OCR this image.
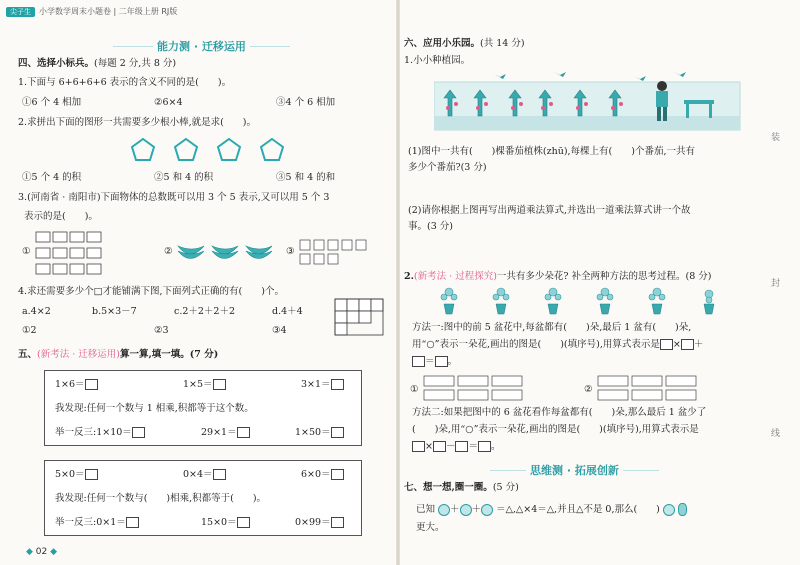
尖子生	小学数学周末小题卷 | 二年级上册 RJ版
能力测 · 迁移运用
四、选择小标兵。(每题 2 分,共 8 分)
1.下面与 6+6+6+6 表示的含义不同的是(　　)。
①6 个 4 相加	②6×4	③4 个 6 相加
2.求拼出下面的图形一共需要多少根小棒,就是求(　　)。
①5 个 4 的积	②5 和 4 的积	③5 和 4 的和
3.(河南省 · 南阳市)下面物体的总数既可以用 3 个 5 表示,又可以用 5 个 3
表示的是(　　)。
①	②	③
4.求还需要多少个□才能铺满下图,下面列式正确的有(　　)个。
a.4×2	b.5×3－7	c.2＋2＋2＋2	d.4＋4
①2	②3	③4
五、(新考法 · 迁移运用)算一算,填一填。(7 分)
1×6＝	1×5＝	3×1＝
我发现:任何一个数与 1 相乘,积都等于这个数。
举一反三:1×10＝	29×1＝	1×50＝
5×0＝	0×4＝	6×0＝
我发现:任何一个数与(　　)相乘,积都等于(　　)。
举一反三:0×1＝	15×0＝	0×99＝
六、应用小乐园。(共 14 分)
1.小小种植园。
(1)图中一共有(　　)棵番茄植株(zhū),每棵上有(　　)个番茄,一共有
多少个番茄?(3 分)
(2)请你根据上图再写出两道乘法算式,并选出一道乘法算式讲一个故
事。(3 分)
2.(新考法 · 过程探究)一共有多少朵花? 补全两种方法的思考过程。(8 分)
方法一:图中的前 5 盆花中,每盆都有(　　)朵,最后 1 盆有(　　)朵,
用“○”表示一朵花,画出的图是(　　)(填序号),用算式表示是 × ＋
＝ 。
①	②
方法二:如果把图中的 6 盆花看作每盆都有(　　)朵,那么最后 1 盆少了
(　　)朵,用“○”表示一朵花,画出的图是(　　)(填序号),用算式表示是
× － ＝ 。
思维测 · 拓展创新
七、想一想,圈一圈。(5 分)
已知 ＋ ＋ ＝△,△×4＝△,并且△不是 0,那么(　　)
更大。
装
封
线
◆ 02 ◆
